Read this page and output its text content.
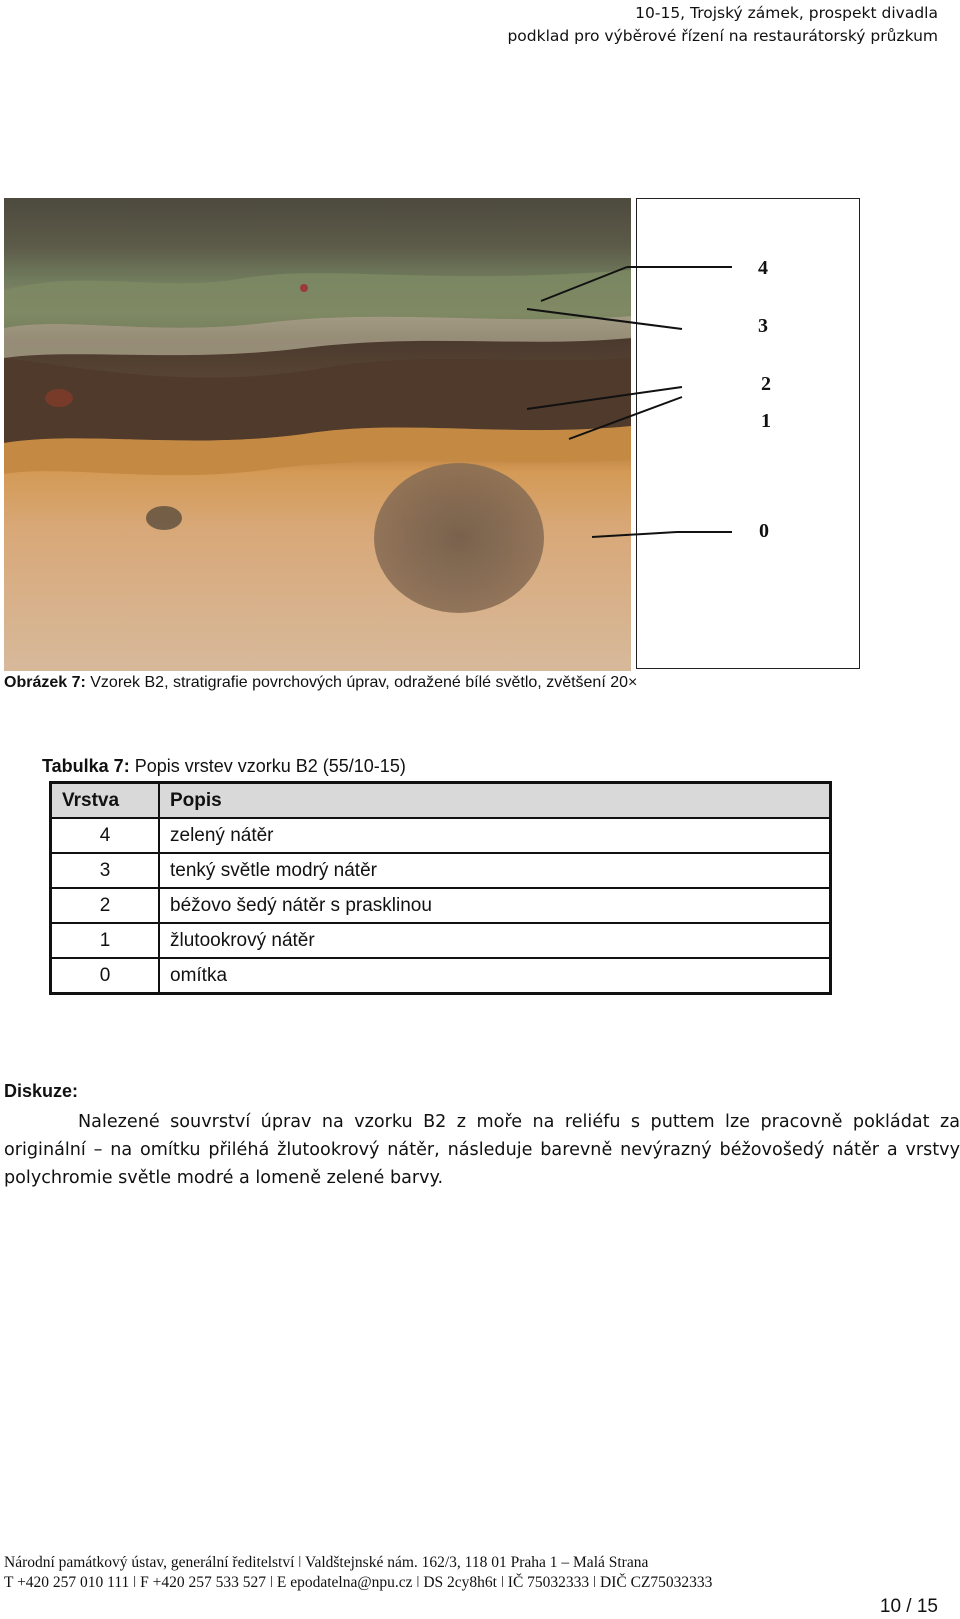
10-15, Trojský zámek, prospekt divadla
podklad pro výběrové řízení na restaurátorský průzkum
4
3
2
1
0
Obrázek 7: Vzorek B2, stratigrafie povrchových úprav, odražené bílé světlo, zvětšení 20×
Tabulka 7: Popis vrstev vzorku B2 (55/10-15)
Vrstva	Popis
4	zelený nátěr
3	tenký světle modrý nátěr
2	béžovo šedý nátěr s prasklinou
1	žlutookrový nátěr
0	omítka
Diskuze:
Nalezené souvrství úprav na vzorku B2 z moře na reliéfu s puttem lze pracovně pokládat za originální – na omítku přiléhá žlutookrový nátěr, následuje barevně nevýrazný béžovošedý nátěr a vrstvy polychromie světle modré a lomeně zelené barvy.
Národní památkový ústav, generální ředitelství ǀ Valdštejnské nám. 162/3, 118 01 Praha 1 – Malá Strana
T +420 257 010 111 ǀ F +420 257 533 527 ǀ E epodatelna@npu.cz ǀ DS 2cy8h6t ǀ IČ 75032333 ǀ DIČ CZ75032333
10 / 15
